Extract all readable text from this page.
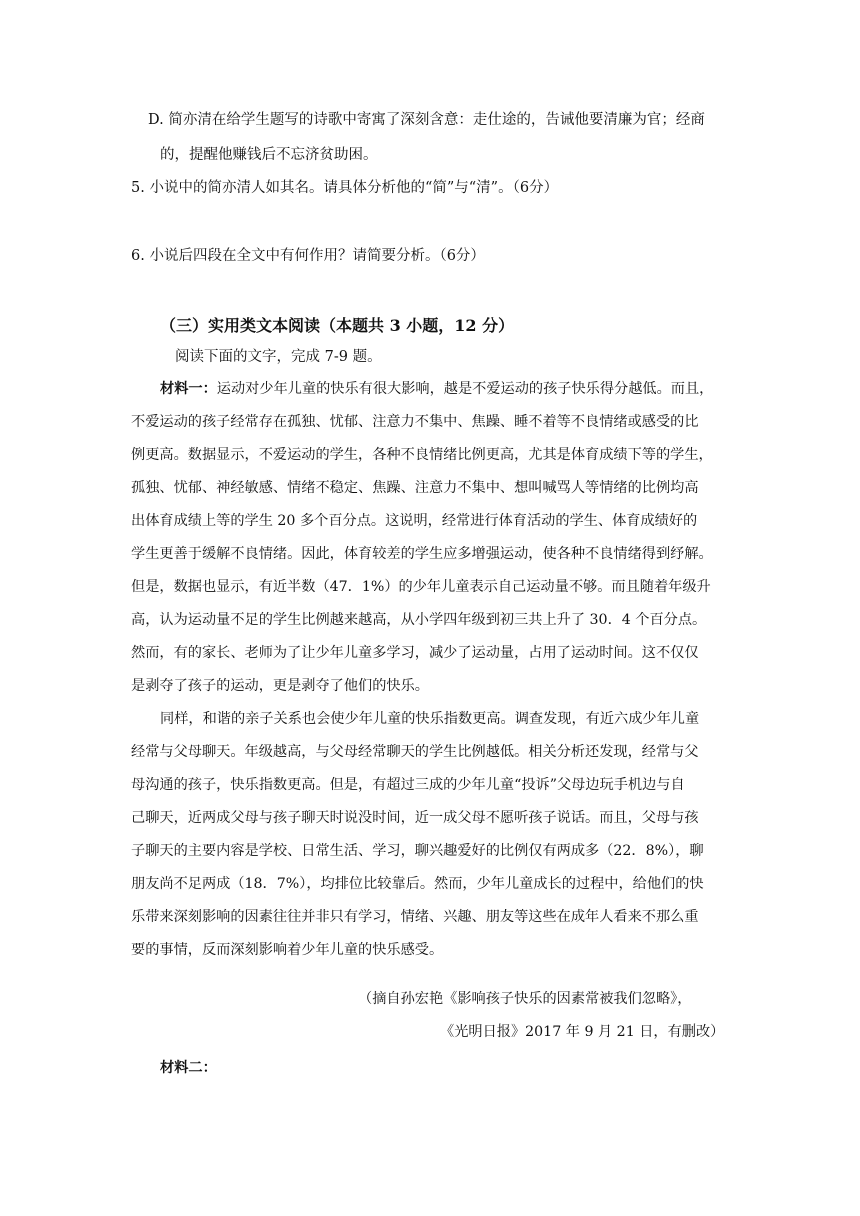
D. 简亦清在给学生题写的诗歌中寄寓了深刻含意：走仕途的，告诫他要清廉为官；经商
的，提醒他赚钱后不忘济贫助困。
5. 小说中的简亦清人如其名。请具体分析他的“简”与“清”。（6分）
6. 小说后四段在全文中有何作用？请简要分析。（6分）
（三）实用类文本阅读（本题共 3 小题，12 分）
阅读下面的文字，完成 7-9 题。
材料一：运动对少年儿童的快乐有很大影响，越是不爱运动的孩子快乐得分越低。而且，
不爱运动的孩子经常存在孤独、忧郁、注意力不集中、焦躁、睡不着等不良情绪或感受的比
例更高。数据显示，不爱运动的学生，各种不良情绪比例更高，尤其是体育成绩下等的学生，
孤独、忧郁、神经敏感、情绪不稳定、焦躁、注意力不集中、想叫喊骂人等情绪的比例均高
出体育成绩上等的学生 20 多个百分点。这说明，经常进行体育活动的学生、体育成绩好的
学生更善于缓解不良情绪。因此，体育较差的学生应多增强运动，使各种不良情绪得到纾解。
但是，数据也显示，有近半数（47．1%）的少年儿童表示自己运动量不够。而且随着年级升
高，认为运动量不足的学生比例越来越高，从小学四年级到初三共上升了 30．4 个百分点。
然而，有的家长、老师为了让少年儿童多学习，减少了运动量，占用了运动时间。这不仅仅
是剥夺了孩子的运动，更是剥夺了他们的快乐。
同样，和谐的亲子关系也会使少年儿童的快乐指数更高。调查发现，有近六成少年儿童
经常与父母聊天。年级越高，与父母经常聊天的学生比例越低。相关分析还发现，经常与父
母沟通的孩子，快乐指数更高。但是，有超过三成的少年儿童“投诉”父母边玩手机边与自
己聊天，近两成父母与孩子聊天时说没时间，近一成父母不愿听孩子说话。而且，父母与孩
子聊天的主要内容是学校、日常生活、学习，聊兴趣爱好的比例仅有两成多（22．8%），聊
朋友尚不足两成（18．7%），均排位比较靠后。然而，少年儿童成长的过程中，给他们的快
乐带来深刻影响的因素往往并非只有学习，情绪、兴趣、朋友等这些在成年人看来不那么重
要的事情，反而深刻影响着少年儿童的快乐感受。
（摘自孙宏艳《影响孩子快乐的因素常被我们忽略》，
《光明日报》2017 年 9 月 21 日，有删改）
材料二：
